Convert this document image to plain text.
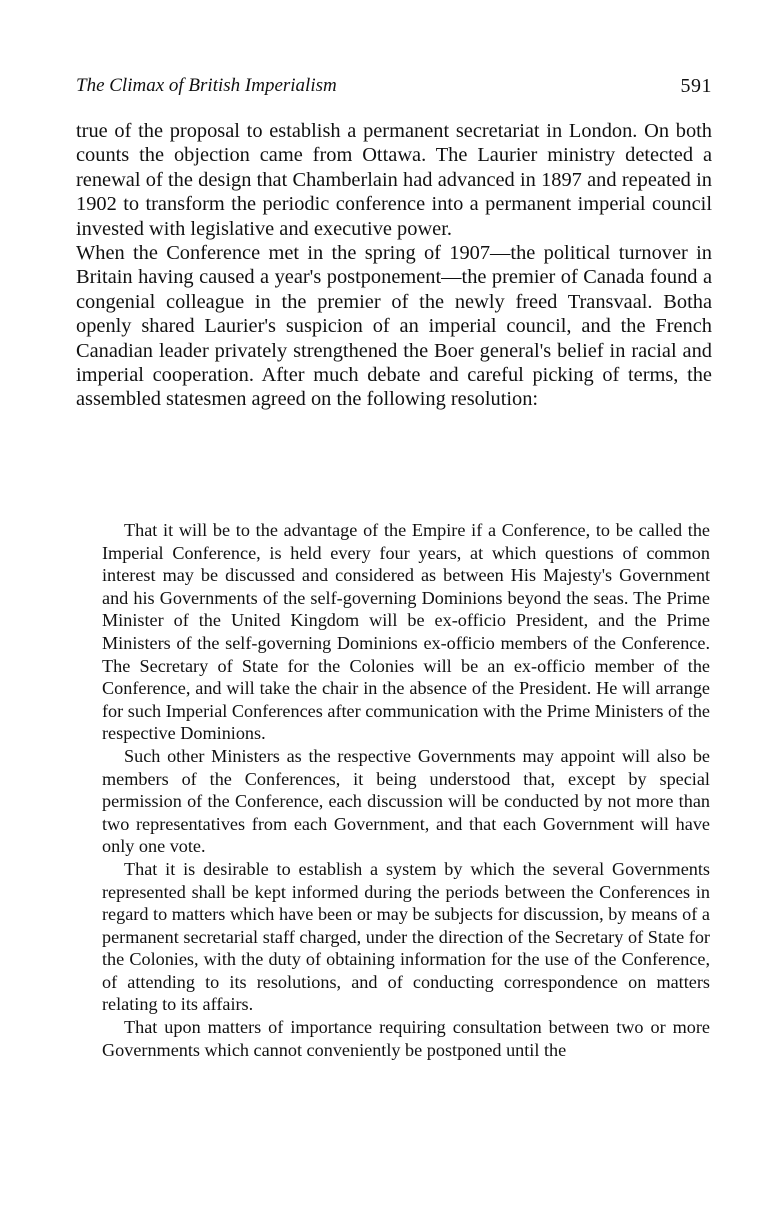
The Climax of British Imperialism	591

true of the proposal to establish a permanent secretariat in London. On both counts the objection came from Ottawa. The Laurier ministry detected a renewal of the design that Chamberlain had advanced in 1897 and repeated in 1902 to transform the periodic conference into a permanent imperial council invested with legislative and executive power.

When the Conference met in the spring of 1907—the political turnover in Britain having caused a year's postponement—the premier of Canada found a congenial colleague in the premier of the newly freed Transvaal. Botha openly shared Laurier's suspicion of an imperial council, and the French Canadian leader privately strengthened the Boer general's belief in racial and imperial cooperation. After much debate and careful picking of terms, the assembled statesmen agreed on the following resolution:

That it will be to the advantage of the Empire if a Conference, to be called the Imperial Conference, is held every four years, at which questions of common interest may be discussed and considered as between His Majesty's Government and his Governments of the self-governing Dominions beyond the seas. The Prime Minister of the United Kingdom will be ex-officio President, and the Prime Ministers of the self-governing Dominions ex-officio members of the Conference. The Secretary of State for the Colonies will be an ex-officio member of the Conference, and will take the chair in the absence of the President. He will arrange for such Imperial Conferences after communication with the Prime Ministers of the respective Dominions.

Such other Ministers as the respective Governments may appoint will also be members of the Conferences, it being understood that, except by special permission of the Conference, each discussion will be conducted by not more than two representatives from each Government, and that each Government will have only one vote.

That it is desirable to establish a system by which the several Governments represented shall be kept informed during the periods between the Conferences in regard to matters which have been or may be subjects for discussion, by means of a permanent secretarial staff charged, under the direction of the Secretary of State for the Colonies, with the duty of obtaining information for the use of the Conference, of attending to its resolutions, and of conducting correspondence on matters relating to its affairs.

That upon matters of importance requiring consultation between two or more Governments which cannot conveniently be postponed until the
